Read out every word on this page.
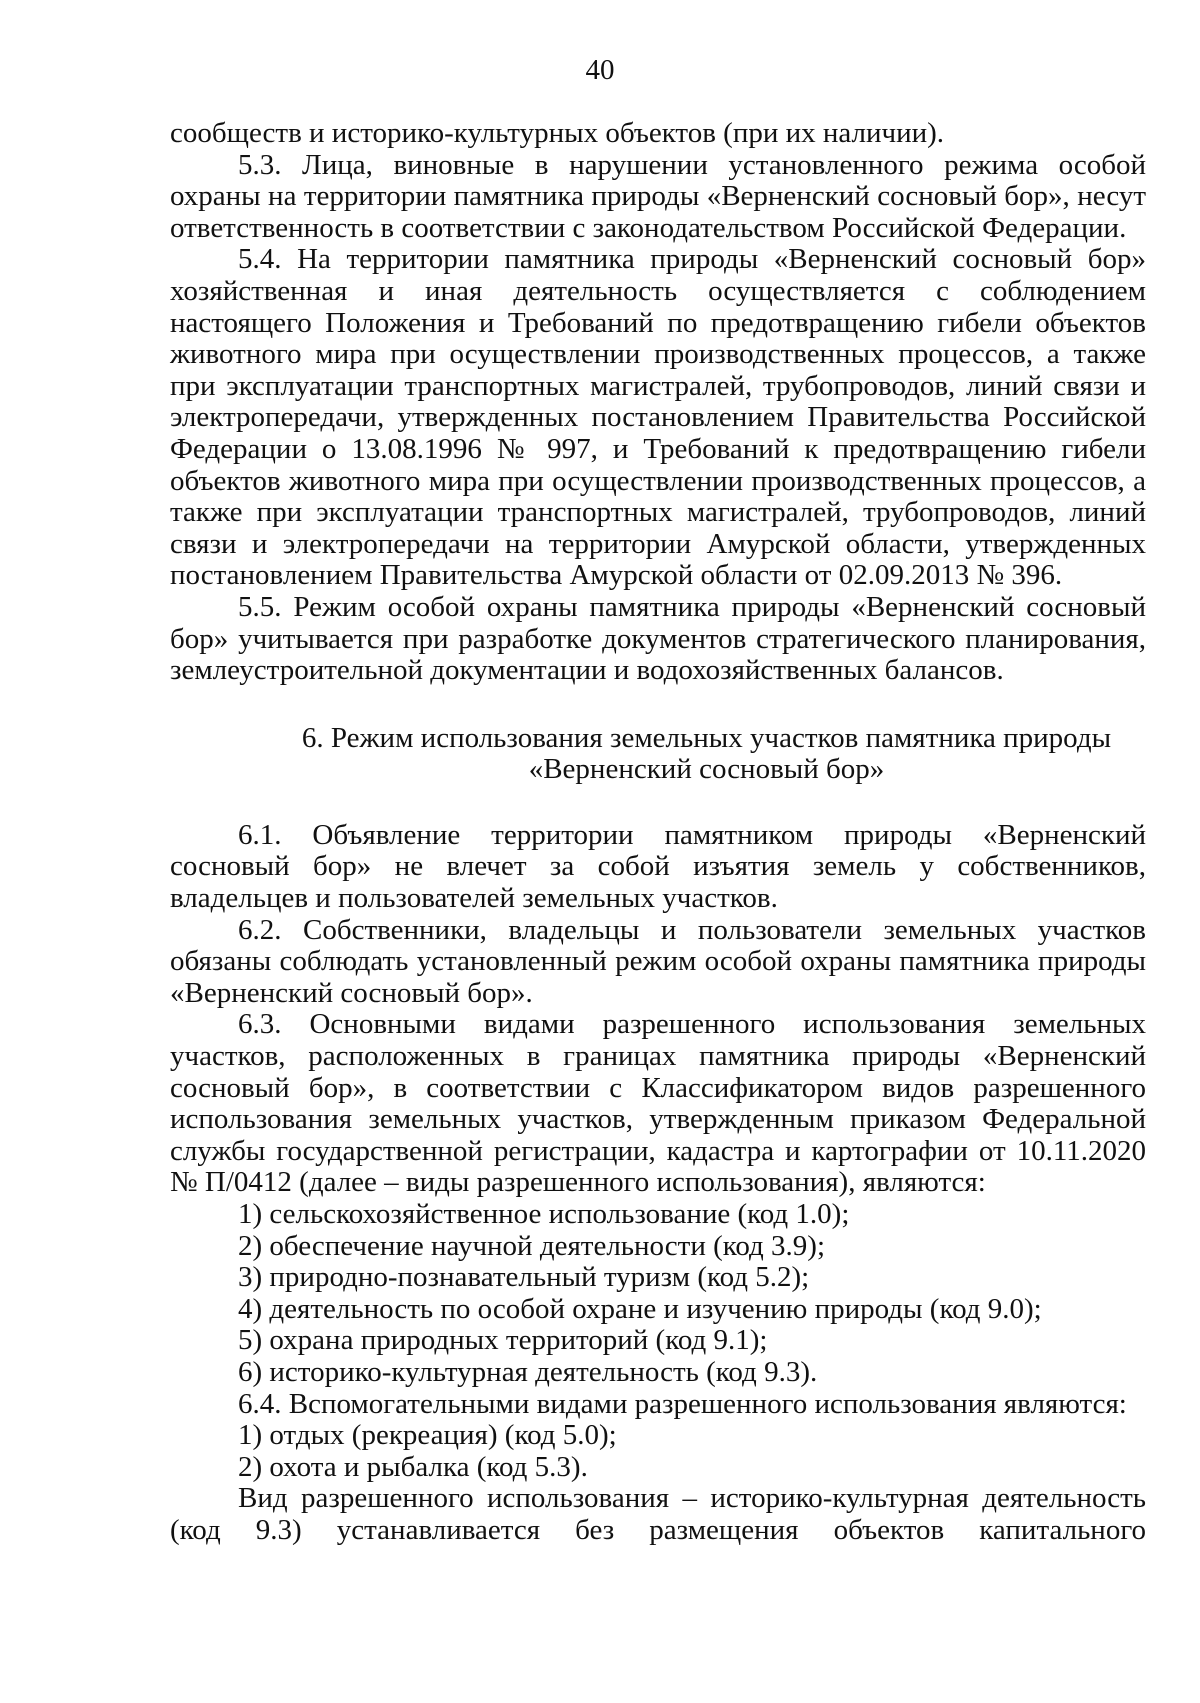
40

сообществ и историко-культурных объектов (при их наличии).

5.3. Лица, виновные в нарушении установленного режима особой охраны на территории памятника природы «Верненский сосновый бор», несут ответственность в соответствии с законодательством Российской Федерации.

5.4. На территории памятника природы «Верненский сосновый бор» хозяйственная и иная деятельность осуществляется с соблюдением настоящего Положения и Требований по предотвращению гибели объектов животного мира при осуществлении производственных процессов, а также при эксплуатации транспортных магистралей, трубопроводов, линий связи и электропередачи, утвержденных постановлением Правительства Российской Федерации о 13.08.1996 № 997, и Требований к предотвращению гибели объектов животного мира при осуществлении производственных процессов, а также при эксплуатации транспортных магистралей, трубопроводов, линий связи и электропередачи на территории Амурской области, утвержденных постановлением Правительства Амурской области от 02.09.2013 № 396.

5.5. Режим особой охраны памятника природы «Верненский сосновый бор» учитывается при разработке документов стратегического планирования, землеустроительной документации и водохозяйственных балансов.

6. Режим использования земельных участков памятника природы
«Верненский сосновый бор»

6.1. Объявление территории памятником природы «Верненский сосновый бор» не влечет за собой изъятия земель у собственников, владельцев и пользователей земельных участков.

6.2. Собственники, владельцы и пользователи земельных участков обязаны соблюдать установленный режим особой охраны памятника природы «Верненский сосновый бор».

6.3. Основными видами разрешенного использования земельных участков, расположенных в границах памятника природы «Верненский сосновый бор», в соответствии с Классификатором видов разрешенного использования земельных участков, утвержденным приказом Федеральной службы государственной регистрации, кадастра и картографии от 10.11.2020 № П/0412 (далее – виды разрешенного использования), являются:

1) сельскохозяйственное использование (код 1.0);

2) обеспечение научной деятельности (код 3.9);

3) природно-познавательный туризм (код 5.2);

4) деятельность по особой охране и изучению природы (код 9.0);

5) охрана природных территорий (код 9.1);

6) историко-культурная деятельность (код 9.3).

6.4. Вспомогательными видами разрешенного использования являются:

1) отдых (рекреация) (код 5.0);

2) охота и рыбалка (код 5.3).

Вид разрешенного использования – историко-культурная деятельность

(код 9.3) устанавливается без размещения объектов капитального
